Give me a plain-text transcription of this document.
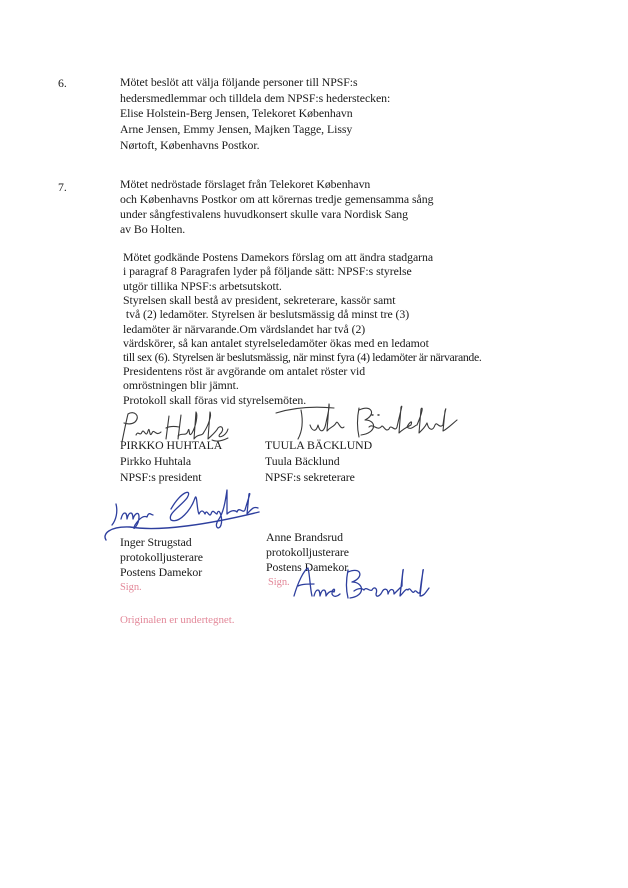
6.	Mötet beslöt att välja följande personer till NPSF:s
hedersmedlemmar och tilldela dem NPSF:s hederstecken:
Elise Holstein-Berg Jensen, Telekoret København
Arne Jensen, Emmy Jensen, Majken Tagge, Lissy
Nørtoft, Københavns Postkor.
7.	Mötet nedröstade förslaget från Telekoret København
och Københavns Postkor om att körernas tredje gemensamma sång
under sångfestivalens huvudkonsert skulle vara Nordisk Sang
av Bo Holten.
Mötet godkände Postens Damekors förslag om att ändra stadgarna
i paragraf 8 Paragrafen lyder på följande sätt: NPSF:s styrelse
utgör tillika NPSF:s arbetsutskott.
Styrelsen skall bestå av president, sekreterare, kassör samt
två (2) ledamöter. Styrelsen är beslutsmässig då minst tre (3)
ledamöter är närvarande.Om värdslandet har två (2)
värdskörer, så kan antalet styrelseledamöter ökas med en ledamot
till sex (6). Styrelsen är beslutsmässig, när minst fyra (4) ledamöter är närvarande.
Presidentens röst är avgörande om antalet röster vid
omröstningen blir jämnt.
Protokoll skall föras vid styrelsemöten.
PIRKKO HUHTALA
Pirkko Huhtala
NPSF:s president
TUULA BÄCKLUND
Tuula Bäcklund
NPSF:s sekreterare
Inger Strugstad
protokolljusterare
Postens Damekor
Sign.
Anne Brandsrud
protokolljusterare
Postens Damekor
Sign.
Originalen er undertegnet.
